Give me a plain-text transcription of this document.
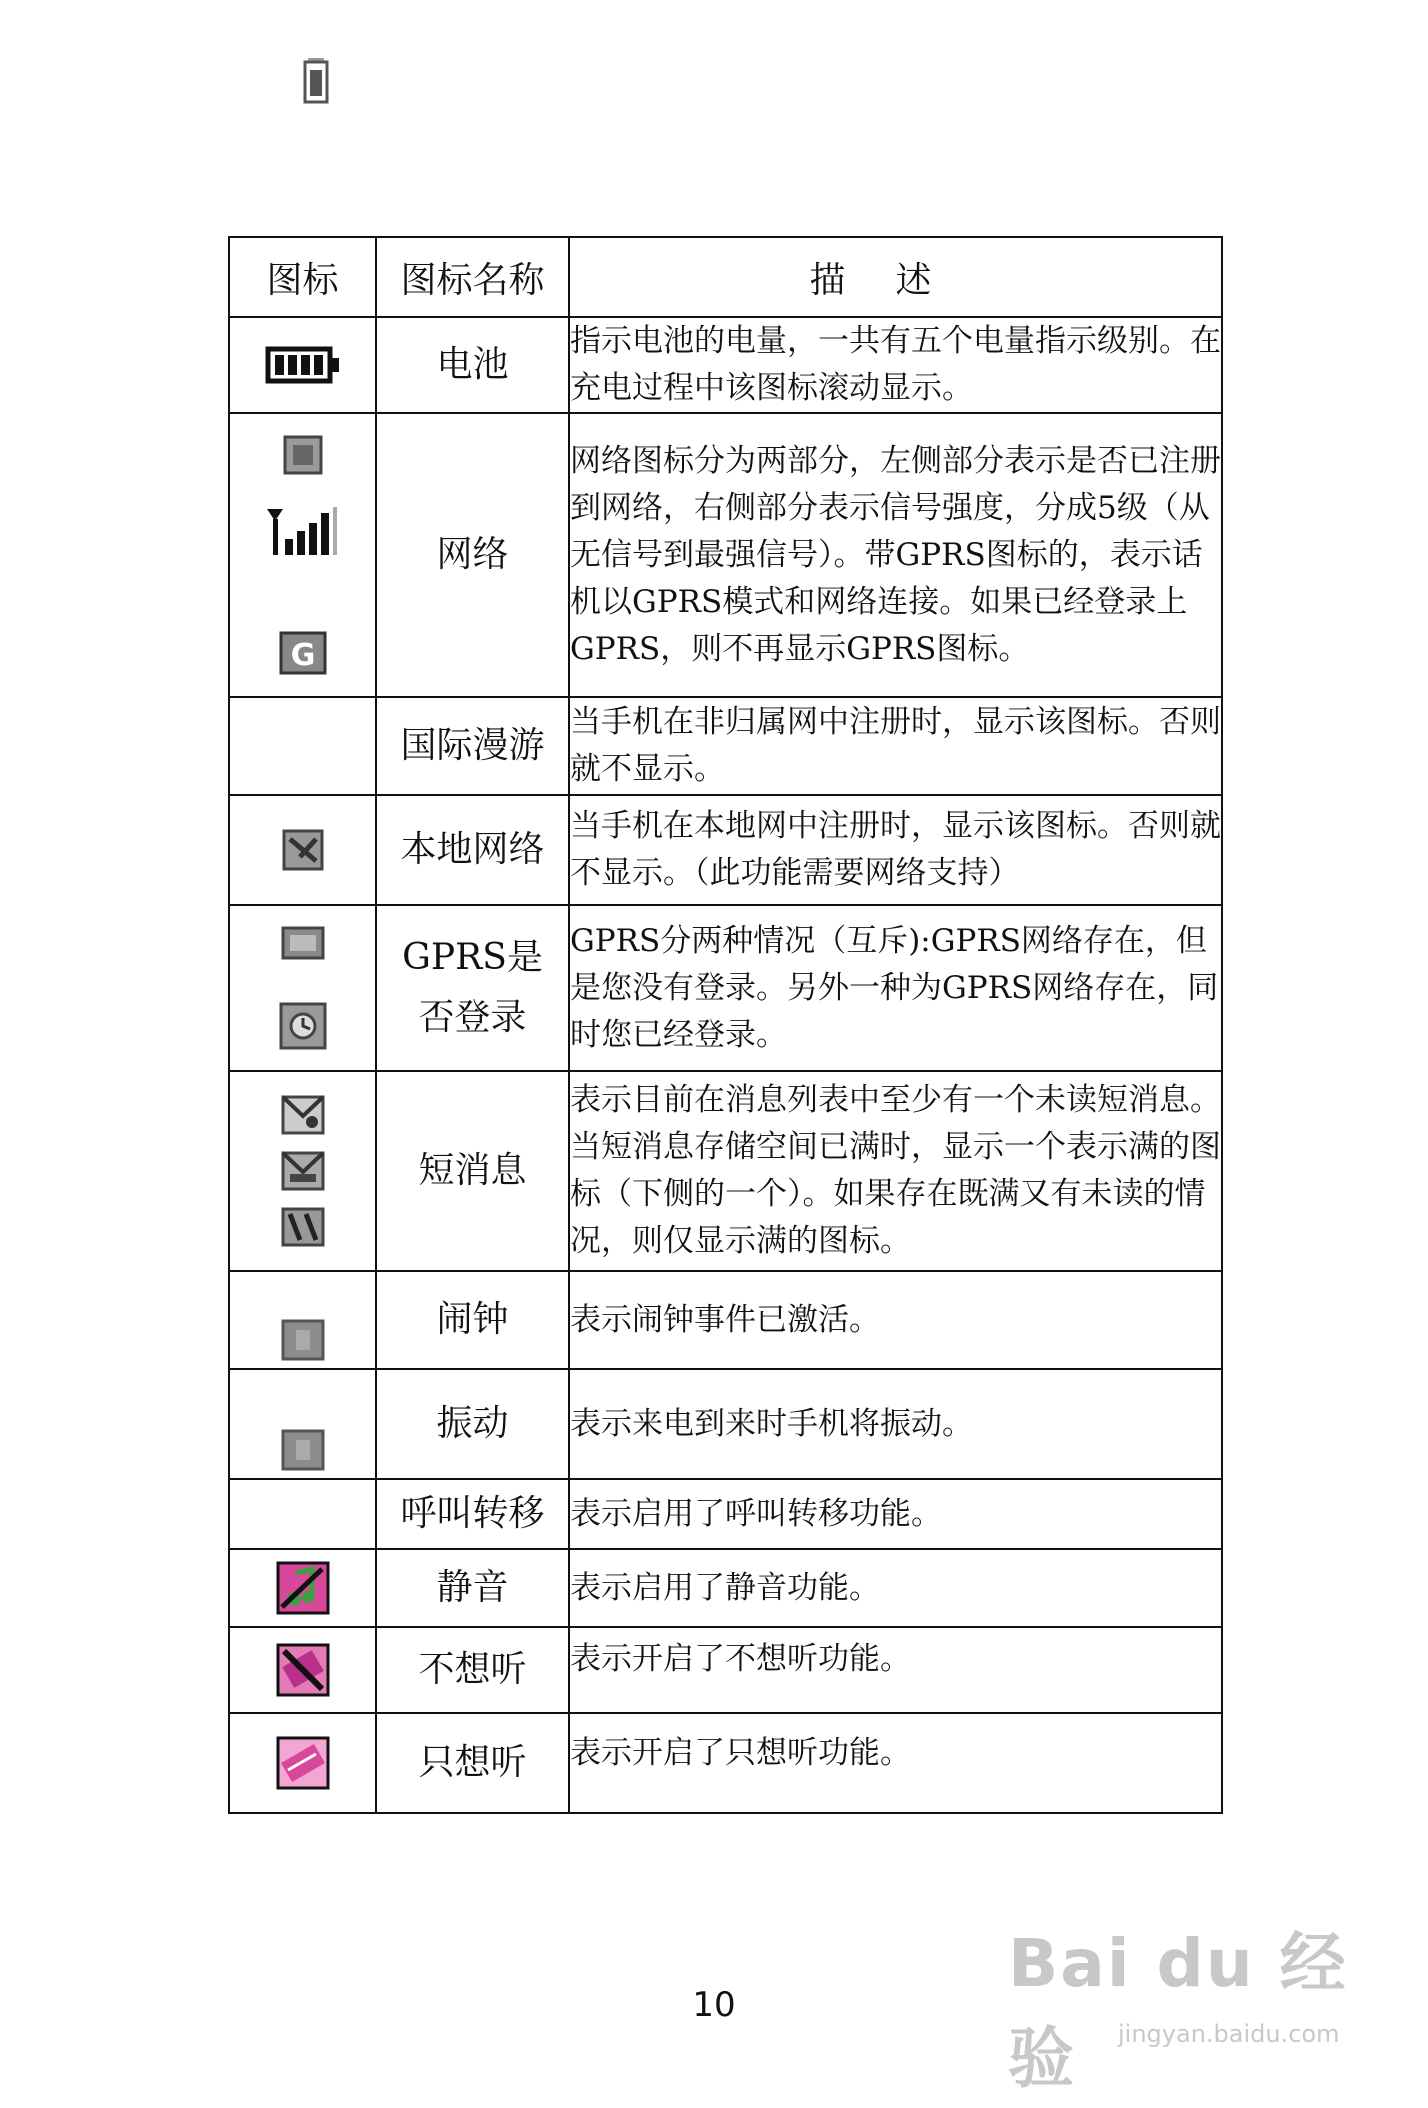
图标	图标名称	描述

	电池	指示电池的电量，一共有五个电量指示级别。在充电过程中该图标滚动显示。

G	网络	网络图标分为两部分，左侧部分表示是否已注册到网络，右侧部分表示信号强度，分成5级（从无信号到最强信号）。带GPRS图标的，表示话机以GPRS模式和网络连接。如果已经登录上GPRS，则不再显示GPRS图标。
	国际漫游	当手机在非归属网中注册时，显示该图标。否则就不显示。

	本地网络	当手机在本地网中注册时，显示该图标。否则就不显示。（此功能需要网络支持）

	GPRS是否登录	GPRS分两种情况（互斥):GPRS网络存在，但是您没有登录。另外一种为GPRS网络存在，同时您已经登录。

	短消息	表示目前在消息列表中至少有一个未读短消息。当短消息存储空间已满时，显示一个表示满的图标（下侧的一个）。如果存在既满又有未读的情况，则仅显示满的图标。

	闹钟	表示闹钟事件已激活。

	振动	表示来电到来时手机将振动。
	呼叫转移	表示启用了呼叫转移功能。

	静音	表示启用了静音功能。

	不想听	表示开启了不想听功能。

	只想听	表示开启了只想听功能。
10
Bai du 经验	jingyan.baidu.com
